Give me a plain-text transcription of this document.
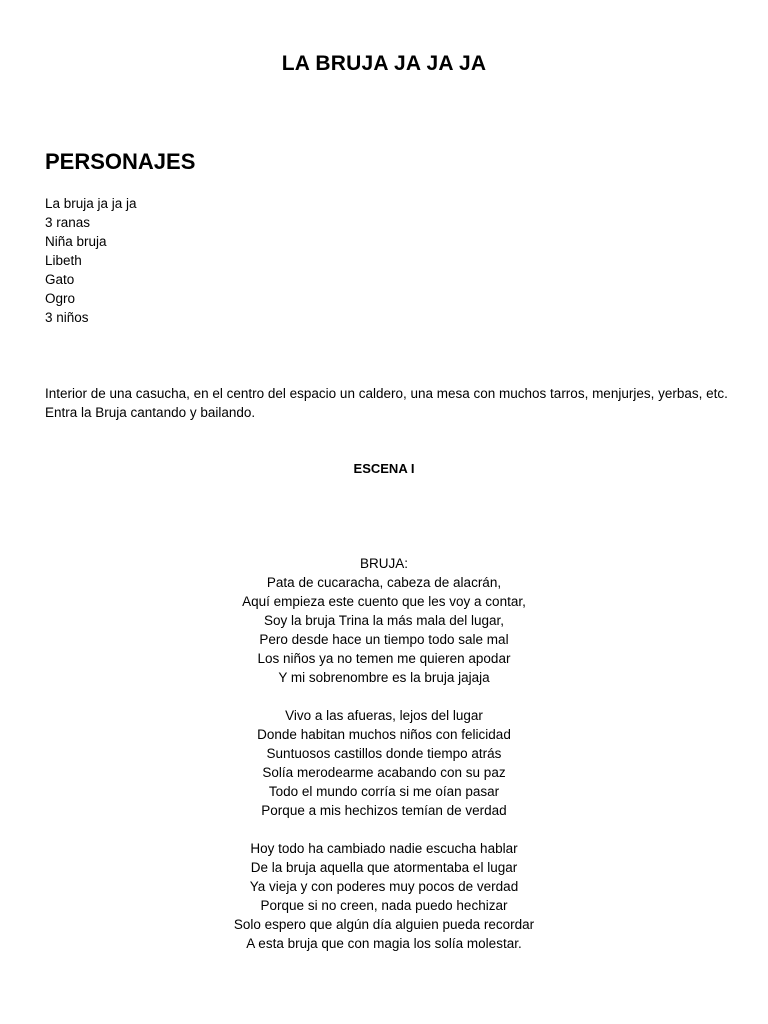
LA BRUJA JA JA JA
PERSONAJES
La bruja ja ja ja
3 ranas
Niña bruja
Libeth
Gato
Ogro
3 niños
Interior de una casucha, en el centro del espacio un caldero, una mesa con muchos tarros, menjurjes, yerbas, etc. Entra la Bruja cantando y bailando.
ESCENA I
BRUJA:
Pata de cucaracha, cabeza de alacrán,
Aquí empieza este cuento que les voy a contar,
Soy la bruja Trina la más mala del lugar,
Pero desde hace un tiempo todo sale mal
Los niños ya no temen me quieren apodar
Y mi sobrenombre es la bruja jajaja
Vivo a las afueras, lejos del lugar
Donde habitan muchos niños con felicidad
Suntuosos castillos donde tiempo atrás
Solía merodearme acabando con su paz
Todo el mundo corría si me oían pasar
Porque a mis hechizos temían de verdad
Hoy todo ha cambiado nadie escucha hablar
De la bruja aquella que atormentaba el lugar
Ya vieja y con poderes muy pocos de verdad
Porque si no creen, nada puedo hechizar
Solo espero que algún día alguien pueda recordar
A esta bruja que con magia los solía molestar.
